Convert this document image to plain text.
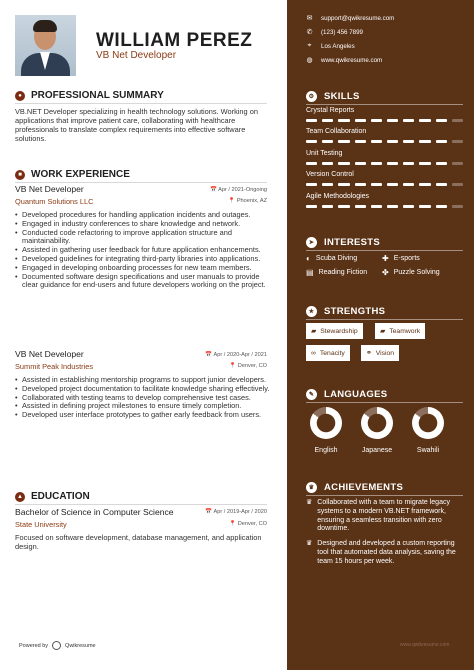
WILLIAM PEREZ
VB Net Developer
● PROFESSIONAL SUMMARY
VB.NET Developer specializing in health technology solutions. Working on applications that improve patient care, collaborating with healthcare professionals to translate complex requirements into effective software solutions.
■ WORK EXPERIENCE
VB Net Developer	📅 Apr / 2021-Ongoing
Quantum Solutions LLC	📍 Phoenix, AZ
• Developed procedures for handling application incidents and outages.
• Engaged in industry conferences to share knowledge and network.
• Conducted code refactoring to improve application structure and maintainability.
• Assisted in gathering user feedback for future application enhancements.
• Developed guidelines for integrating third-party libraries into applications.
• Engaged in developing onboarding processes for new team members.
• Documented software design specifications and user manuals to provide clear guidance for end-users and future developers working on the project.
VB Net Developer	📅 Apr / 2020-Apr / 2021
Summit Peak Industries	📍 Denver, CO
• Assisted in establishing mentorship programs to support junior developers.
• Developed project documentation to facilitate knowledge sharing effectively.
• Collaborated with testing teams to develop comprehensive test cases.
• Assisted in defining project milestones to ensure timely completion.
• Developed user interface prototypes to gather early feedback from users.
▲ EDUCATION
Bachelor of Science in Computer Science	📅 Apr / 2019-Apr / 2020
State University	📍 Denver, CO
Focused on software development, database management, and application design.
Powered by	Qwikresume
✉ support@qwikresume.com
✆ (123) 456 7899
⌖ Los Angeles
◍ www.qwikresume.com
⚙ SKILLS
Crystal Reports
Team Collaboration
Unit Testing
Version Control
Agile Methodologies
➤ INTERESTS
◐ Scuba Diving	✚ E-sports
▤ Reading Fiction ✤ Puzzle Solving
★ STRENGTHS
▰ Stewardship	▰ Teamwork
∞ Tenacity	⚭ Vision
✎ LANGUAGES
English	Japanese	Swahili
♛ ACHIEVEMENTS
♛ Collaborated with a team to migrate legacy systems to a modern VB.NET framework, ensuring a seamless transition with zero downtime.
♛ Designed and developed a custom reporting tool that automated data analysis, saving the team 15 hours per week.
www.qwikresume.com
